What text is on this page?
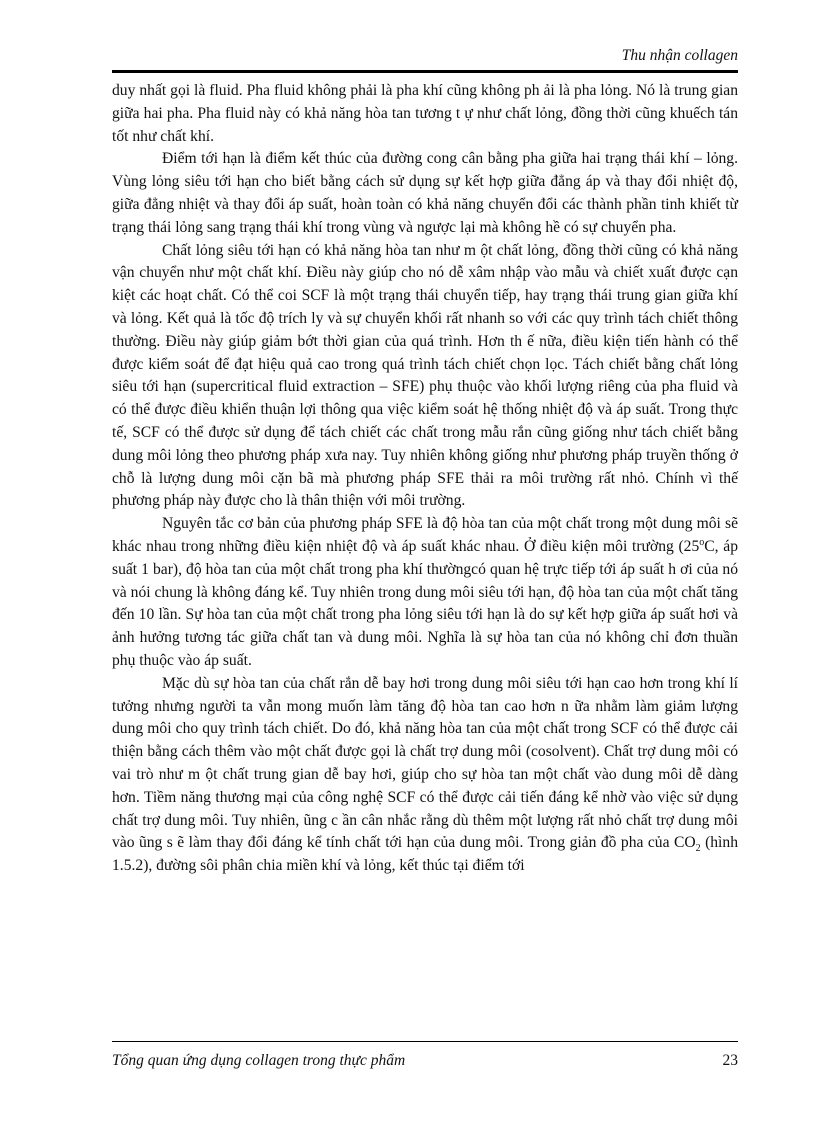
Thu nhận collagen

duy nhất gọi là fluid. Pha fluid không phải là pha khí cũng không ph ải là pha lỏng. Nó là trung gian giữa hai pha. Pha fluid này có khả năng hòa tan tương t ự như chất lỏng, đồng thời cũng khuếch tán tốt như chất khí.

Điểm tới hạn là điểm kết thúc của đường cong cân bằng pha giữa hai trạng thái khí – lỏng. Vùng lỏng siêu tới hạn cho biết bằng cách sử dụng sự kết hợp giữa đẳng áp và thay đổi nhiệt độ, giữa đẳng nhiệt và thay đổi áp suất, hoàn toàn có khả năng chuyển đổi các thành phần tinh khiết từ trạng thái lỏng sang trạng thái khí trong vùng và ngược lại mà không hề có sự chuyển pha.

Chất lỏng siêu tới hạn có khả năng hòa tan như m ột chất lỏng, đồng thời cũng có khả năng vận chuyển như một chất khí. Điều này giúp cho nó dễ xâm nhập vào mẫu và chiết xuất được cạn kiệt các hoạt chất. Có thể coi SCF là một trạng thái chuyển tiếp, hay trạng thái trung gian giữa khí và lỏng. Kết quả là tốc độ trích ly và sự chuyển khối rất nhanh so với các quy trình tách chiết thông thường. Điều này giúp giảm bớt thời gian của quá trình. Hơn th ế nữa, điều kiện tiến hành có thể được kiểm soát để đạt hiệu quả cao trong quá trình tách chiết chọn lọc. Tách chiết bằng chất lỏng siêu tới hạn (supercritical fluid extraction – SFE) phụ thuộc vào khối lượng riêng của pha fluid và có thể được điều khiển thuận lợi thông qua việc kiểm soát hệ thống nhiệt độ và áp suất. Trong thực tế, SCF có thể được sử dụng để tách chiết các chất trong mẫu rắn cũng giống như tách chiết bằng dung môi lỏng theo phương pháp xưa nay. Tuy nhiên không giống như phương pháp truyền thống ở chỗ là lượng dung môi cặn bã mà phương pháp SFE thải ra môi trường rất nhỏ. Chính vì thế phương pháp này được cho là thân thiện với môi trường.

Nguyên tắc cơ bản của phương pháp SFE là độ hòa tan của một chất trong một dung môi sẽ khác nhau trong những điều kiện nhiệt độ và áp suất khác nhau. Ở điều kiện môi trường (25$^o$C, áp suất 1 bar), độ hòa tan của một chất trong pha khí thườngcó quan hệ trực tiếp tới áp suất h ơi của nó và nói chung là không đáng kể. Tuy nhiên trong dung môi siêu tới hạn, độ hòa tan của một chất tăng đến 10 lần. Sự hòa tan của một chất trong pha lỏng siêu tới hạn là do sự kết hợp giữa áp suất hơi và ảnh hưởng tương tác giữa chất tan và dung môi. Nghĩa là sự hòa tan của nó không chỉ đơn thuần phụ thuộc vào áp suất.

Mặc dù sự hòa tan của chất rắn dễ bay hơi trong dung môi siêu tới hạn cao hơn trong khí lí tưởng nhưng người ta vẫn mong muốn làm tăng độ hòa tan cao hơn n ữa nhằm làm giảm lượng dung môi cho quy trình tách chiết. Do đó, khả năng hòa tan của một chất trong SCF có thể được cải thiện bằng cách thêm vào một chất được gọi là chất trợ dung môi (cosolvent). Chất trợ dung môi có vai trò như m ột chất trung gian dễ bay hơi, giúp cho sự hòa tan một chất vào dung môi dễ dàng hơn. Tiềm năng thương mại của công nghệ SCF có thể được cải tiến đáng kể nhờ vào việc sử dụng chất trợ dung môi. Tuy nhiên, ũng c ần cân nhắc rằng dù thêm một lượng rất nhỏ chất trợ dung môi vào ũng s ẽ làm thay đổi đáng kể tính chất tới hạn của dung môi. Trong giản đồ pha của $CO_2$ (hình 1.5.2), đường sôi phân chia miền khí và lỏng, kết thúc tại điểm tới

Tổng quan ứng dụng collagen trong thực phẩm	23
